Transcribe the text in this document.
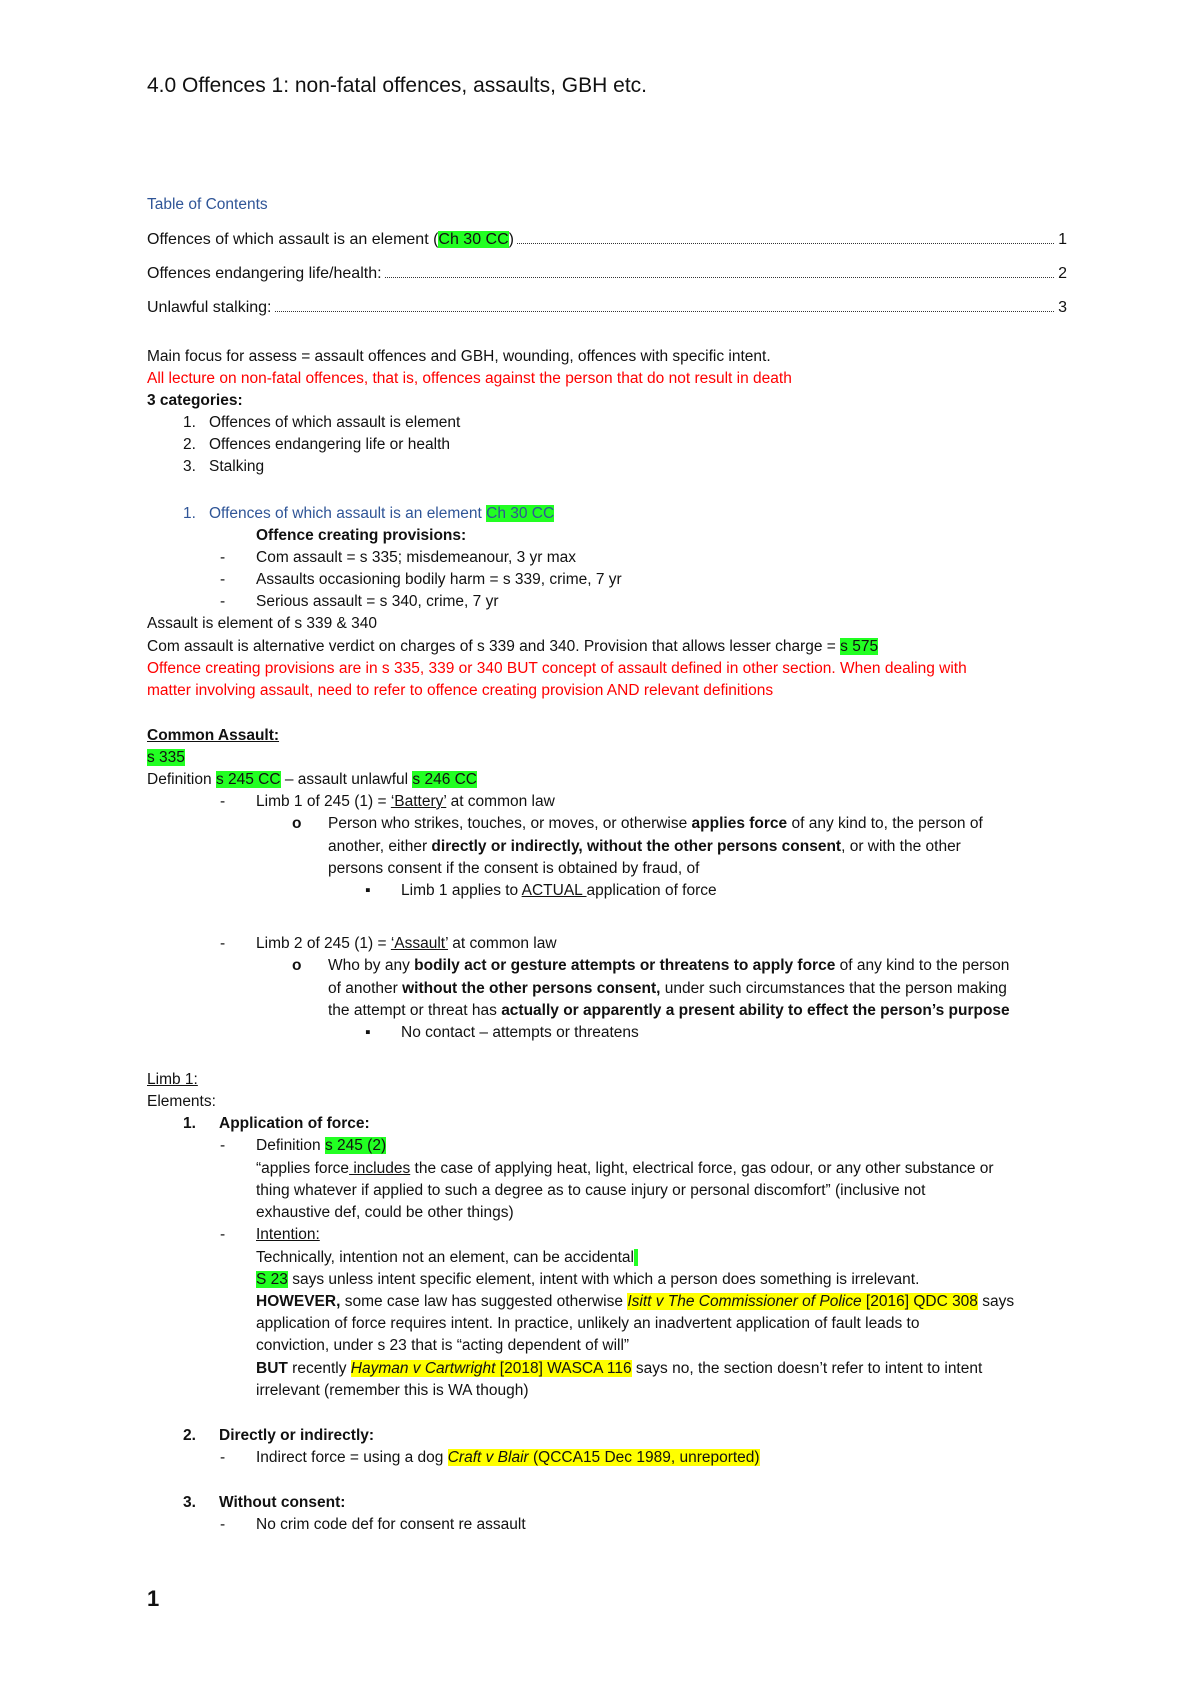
4.0 Offences 1: non-fatal offences, assaults, GBH etc.
Table of Contents
Offences of which assault is an element (Ch 30 CC)	1
Offences endangering life/health:	2
Unlawful stalking:	3
Main focus for assess = assault offences and GBH, wounding, offences with specific intent.
All lecture on non-fatal offences, that is, offences against the person that do not result in death
3 categories:
1. Offences of which assault is element
2. Offences endangering life or health
3. Stalking
1. Offences of which assault is an element Ch 30 CC
Offence creating provisions:
- Com assault = s 335; misdemeanour, 3 yr max
- Assaults occasioning bodily harm = s 339, crime, 7 yr
- Serious assault = s 340, crime, 7 yr
Assault is element of s 339 & 340
Com assault is alternative verdict on charges of s 339 and 340. Provision that allows lesser charge = s 575
Offence creating provisions are in s 335, 339 or 340 BUT concept of assault defined in other section. When dealing with
matter involving assault, need to refer to offence creating provision AND relevant definitions
Common Assault:
s 335
Definition s 245 CC – assault unlawful s 246 CC
- Limb 1 of 245 (1) = ‘Battery’ at common law
o Person who strikes, touches, or moves, or otherwise applies force of any kind to, the person of
another, either directly or indirectly, without the other persons consent, or with the other
persons consent if the consent is obtained by fraud, of
▪ Limb 1 applies to ACTUAL application of force
- Limb 2 of 245 (1) = ‘Assault’ at common law
o Who by any bodily act or gesture attempts or threatens to apply force of any kind to the person
of another without the other persons consent, under such circumstances that the person making
the attempt or threat has actually or apparently a present ability to effect the person’s purpose
▪ No contact – attempts or threatens
Limb 1:
Elements:
1. Application of force:
- Definition s 245 (2)
“applies force includes the case of applying heat, light, electrical force, gas odour, or any other substance or
thing whatever if applied to such a degree as to cause injury or personal discomfort” (inclusive not
exhaustive def, could be other things)
- Intention:
Technically, intention not an element, can be accidental
S 23 says unless intent specific element, intent with which a person does something is irrelevant.
HOWEVER, some case law has suggested otherwise Isitt v The Commissioner of Police [2016] QDC 308 says
application of force requires intent. In practice, unlikely an inadvertent application of fault leads to
conviction, under s 23 that is “acting dependent of will”
BUT recently Hayman v Cartwright [2018] WASCA 116 says no, the section doesn’t refer to intent to intent
irrelevant (remember this is WA though)
2. Directly or indirectly:
- Indirect force = using a dog Craft v Blair (QCCA15 Dec 1989, unreported)
3. Without consent:
- No crim code def for consent re assault
1
